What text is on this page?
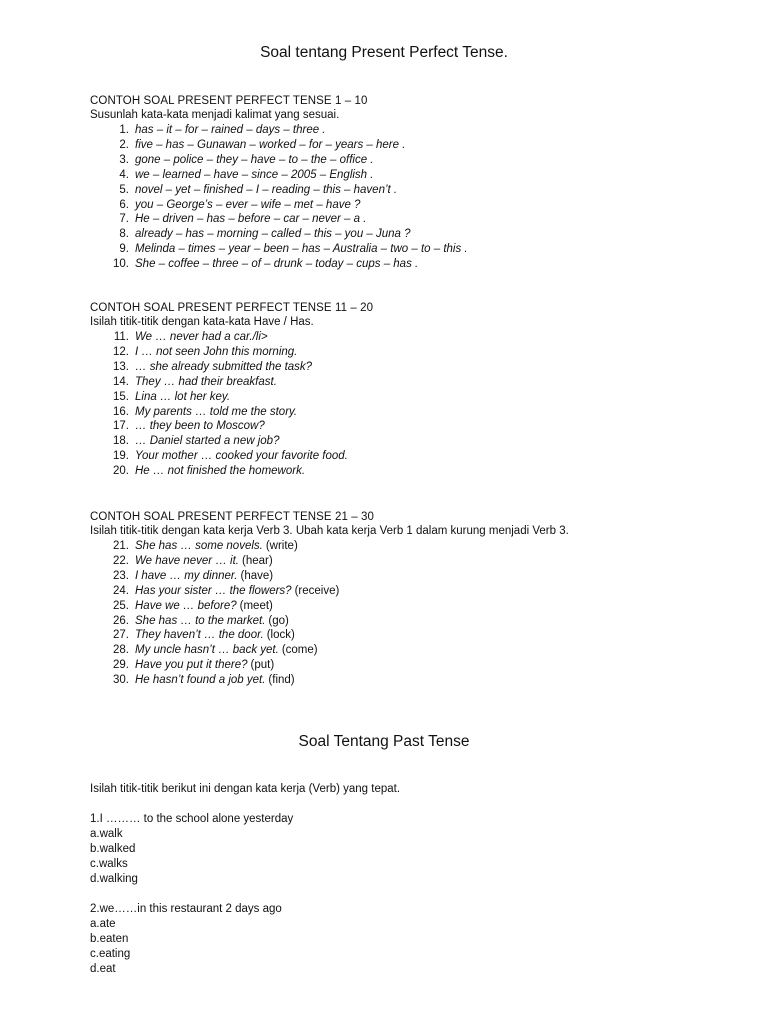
Soal tentang Present Perfect Tense.

CONTOH SOAL PRESENT PERFECT TENSE 1 – 10

Susunlah kata-kata menjadi kalimat yang sesuai.

1. has – it – for – rained – days – three .
2. five – has – Gunawan – worked – for – years – here .
3. gone – police – they – have – to – the – office .
4. we – learned – have – since – 2005 – English .
5. novel – yet – finished – I – reading – this – haven’t .
6. you – George’s – ever – wife – met – have ?
7. He – driven – has – before – car – never – a .
8. already – has – morning – called – this – you – Juna ?
9. Melinda – times – year – been – has – Australia – two – to – this .
10. She – coffee – three – of – drunk – today – cups – has .

CONTOH SOAL PRESENT PERFECT TENSE 11 – 20

Isilah titik-titik dengan kata-kata Have / Has.

11. We … never had a car./li>
12. I … not seen John this morning.
13. … she already submitted the task?
14. They … had their breakfast.
15. Lina … lot her key.
16. My parents … told me the story.
17. … they been to Moscow?
18. … Daniel started a new job?
19. Your mother … cooked your favorite food.
20. He … not finished the homework.

CONTOH SOAL PRESENT PERFECT TENSE 21 – 30

Isilah titik-titik dengan kata kerja Verb 3. Ubah kata kerja Verb 1 dalam kurung menjadi Verb 3.

21. She has … some novels. (write)
22. We have never … it. (hear)
23. I have … my dinner. (have)
24. Has your sister … the flowers? (receive)
25. Have we … before? (meet)
26. She has … to the market. (go)
27. They haven’t … the door. (lock)
28. My uncle hasn’t … back yet. (come)
29. Have you put it there? (put)
30. He hasn’t found a job yet. (find)
Soal Tentang Past Tense

Isilah titik-titik berikut ini dengan kata kerja (Verb) yang tepat.

1.I ……… to the school alone yesterday

a.walk

b.walked

c.walks

d.walking

2.we……in this restaurant 2 days ago

a.ate

b.eaten

c.eating

d.eat
